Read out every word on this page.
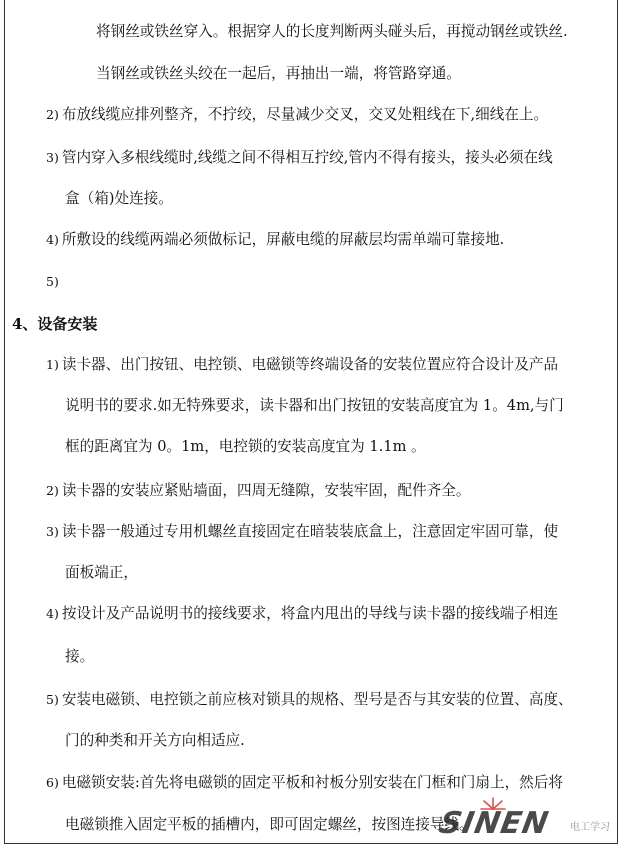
将钢丝或铁丝穿入。根据穿人的长度判断两头碰头后，再搅动钢丝或铁丝.
当钢丝或铁丝头绞在一起后，再抽出一端，将管路穿通。
2) 布放线缆应排列整齐，不拧绞，尽量减少交叉，交叉处粗线在下,细线在上。
3) 管内穿入多根线缆时,线缆之间不得相互拧绞,管内不得有接头，接头必须在线
盒（箱)处连接。
4) 所敷设的线缆两端必须做标记，屏蔽电缆的屏蔽层均需单端可靠接地.
5)
4、设备安装
1) 读卡器、出门按钮、电控锁、电磁锁等终端设备的安装位置应符合设计及产品
说明书的要求.如无特殊要求，读卡器和出门按钮的安装高度宜为 1。4m,与门
框的距离宜为 0。1m，电控锁的安装高度宜为 1.1m 。
2) 读卡器的安装应紧贴墙面，四周无缝隙，安装牢固，配件齐全。
3) 读卡器一般通过专用机螺丝直接固定在暗装装底盒上，注意固定牢固可靠，使
面板端正，
4) 按设计及产品说明书的接线要求，将盒内甩出的导线与读卡器的接线端子相连
接。
5) 安装电磁锁、电控锁之前应核对锁具的规格、型号是否与其安装的位置、高度、
门的种类和开关方向相适应.
6) 电磁锁安装:首先将电磁锁的固定平板和衬板分别安装在门框和门扇上，然后将
电磁锁推入固定平板的插槽内，即可固定螺丝，按图连接导线。
SINEN 电工学习
